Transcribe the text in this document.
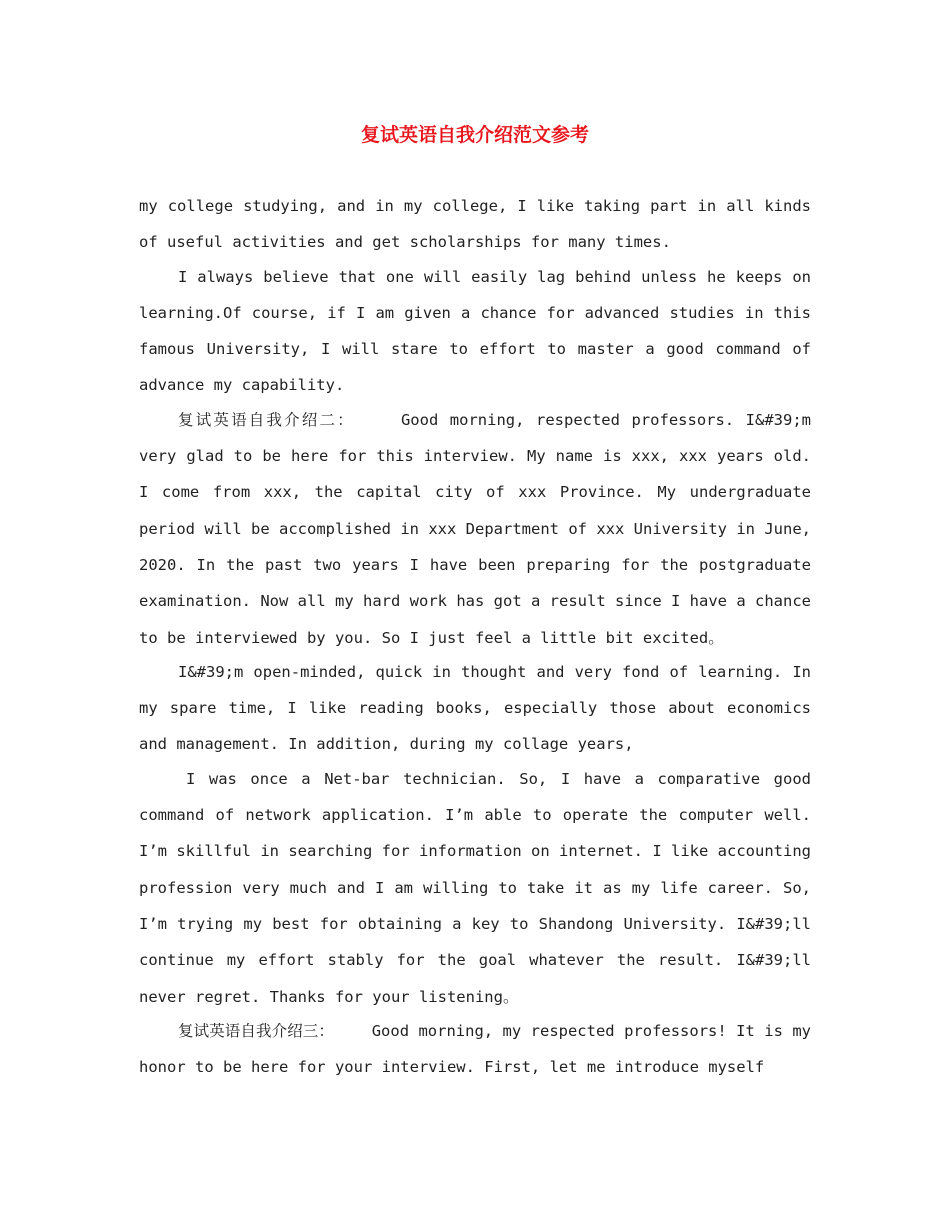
复试英语自我介绍范文参考

my college studying, and in my college, I like taking part in all kinds of useful activities and get scholarships for many times.

I always believe that one will easily lag behind unless he keeps on learning.Of course, if I am given a chance for advanced studies in this famous University, I will stare to effort to master a good command of advance my capability.

复试英语自我介绍二：    Good morning, respected professors. I&#39;m very glad to be here for this interview. My name is xxx, xxx years old. I come from xxx, the capital city of xxx Province. My undergraduate period will be accomplished in xxx Department of xxx University in June, 2020. In the past two years I have been preparing for the postgraduate examination. Now all my hard work has got a result since I have a chance to be interviewed by you. So I just feel a little bit excited。

I&#39;m open-minded, quick in thought and very fond of learning. In my spare time, I like reading books, especially those about economics and management. In addition, during my collage years,

I was once a Net-bar technician. So, I have a comparative good command of network application. I’m able to operate the computer well. I’m skillful in searching for information on internet. I like accounting profession very much and I am willing to take it as my life career. So, I’m trying my best for obtaining a key to Shandong University. I&#39;ll continue my effort stably for the goal whatever the result. I&#39;ll never regret. Thanks for your listening。

复试英语自我介绍三：    Good morning, my respected professors! It is my honor to be here for your interview. First, let me introduce myself
